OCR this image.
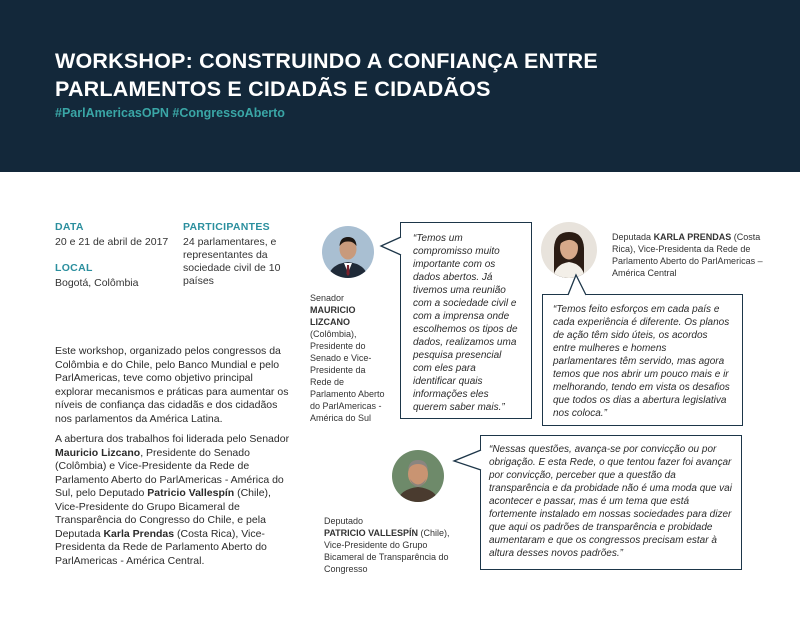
WORKSHOP: CONSTRUINDO A CONFIANÇA ENTRE
PARLAMENTOS E CIDADÃS E CIDADÃOS
#ParlAmericasOPN #CongressoAberto
DATA
20 e 21 de abril de 2017
LOCAL
Bogotá, Colômbia
PARTICIPANTES
24 parlamentares, e representantes da sociedade civil de 10 países

Este workshop, organizado pelos congressos da Colômbia e do Chile, pelo Banco Mundial e pelo ParlAmericas, teve como objetivo principal explorar mecanismos e práticas para aumentar os níveis de confiança das cidadãs e dos cidadãos nos parlamentos da América Latina.

A abertura dos trabalhos foi liderada pelo Senador Mauricio Lizcano, Presidente do Senado (Colômbia) e Vice-Presidente da Rede de Parlamento Aberto do ParlAmericas - América do Sul, pelo Deputado Patricio Vallespín (Chile), Vice-Presidente do Grupo Bicameral de Transparência do Congresso do Chile, e pela Deputada Karla Prendas (Costa Rica), Vice-Presidenta da Rede de Parlamento Aberto do ParlAmericas - América Central.

Senador
MAURICIO LIZCANO (Colômbia), Presidente do Senado e Vice-Presidente da Rede de Parlamento Aberto do ParlAmericas - América do Sul
“Temos um compromisso muito importante com os dados abertos. Já tivemos uma reunião com a sociedade civil e com a imprensa onde escolhemos os tipos de dados, realizamos uma pesquisa presencial com eles para identificar quais informações eles querem saber mais.”
Deputada KARLA PRENDAS (Costa Rica), Vice-Presidenta da Rede de Parlamento Aberto do ParlAmericas – América Central
“Temos feito esforços em cada país e cada experiência é diferente. Os planos de ação têm sido úteis, os acordos entre mulheres e homens parlamentares têm servido, mas agora temos que nos abrir um pouco mais e ir melhorando, tendo em vista os desafios que todos os dias a abertura legislativa nos coloca.”
Deputado
PATRICIO VALLESPÍN (Chile), Vice-Presidente do Grupo Bicameral de Transparência do Congresso
“Nessas questões, avança-se por convicção ou por obrigação. E esta Rede, o que tentou fazer foi avançar por convicção, perceber que a questão da transparência e da probidade não é uma moda que vai acontecer e passar, mas é um tema que está fortemente instalado em nossas sociedades para dizer que aqui os padrões de transparência e probidade aumentaram e que os congressos precisam estar à altura desses novos padrões.”
